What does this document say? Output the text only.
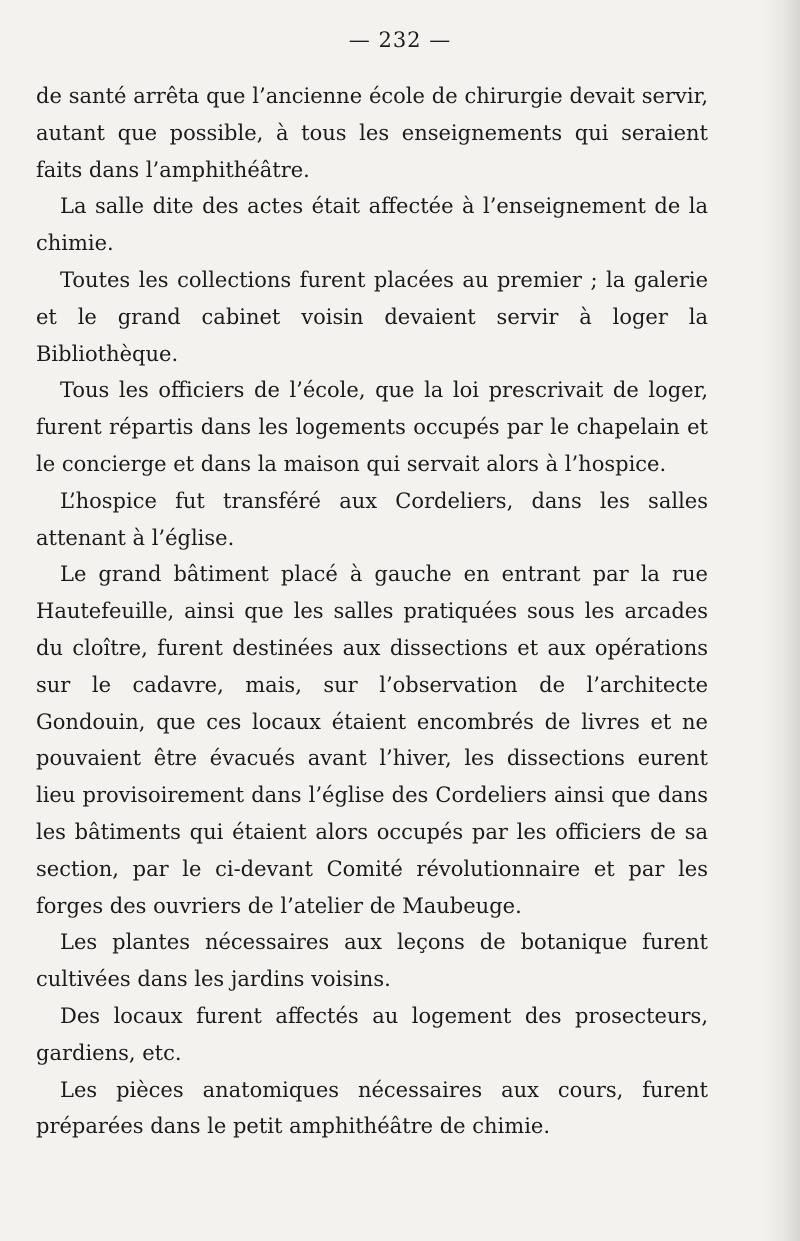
— 232 —

de santé arrêta que l’ancienne école de chirurgie devait servir, autant que possible, à tous les enseignements qui seraient faits dans l’amphithéâtre.

La salle dite des actes était affectée à l’enseignement de la chimie.

Toutes les collections furent placées au premier ; la galerie et le grand cabinet voisin devaient servir à loger la Bibliothèque.

Tous les officiers de l’école, que la loi prescrivait de loger, furent répartis dans les logements occupés par le chapelain et le concierge et dans la maison qui servait alors à l’hospice.

L’hospice fut transféré aux Cordeliers, dans les salles attenant à l’église.

Le grand bâtiment placé à gauche en entrant par la rue Hautefeuille, ainsi que les salles pratiquées sous les arcades du cloître, furent destinées aux dissections et aux opérations sur le cadavre, mais, sur l’observation de l’architecte Gondouin, que ces locaux étaient encombrés de livres et ne pouvaient être évacués avant l’hiver, les dissections eurent lieu provisoirement dans l’église des Cordeliers ainsi que dans les bâtiments qui étaient alors occupés par les officiers de sa section, par le ci-devant Comité révolutionnaire et par les forges des ouvriers de l’atelier de Maubeuge.

Les plantes nécessaires aux leçons de botanique furent cultivées dans les jardins voisins.

Des locaux furent affectés au logement des prosecteurs, gardiens, etc.

Les pièces anatomiques nécessaires aux cours, furent préparées dans le petit amphithéâtre de chimie.
